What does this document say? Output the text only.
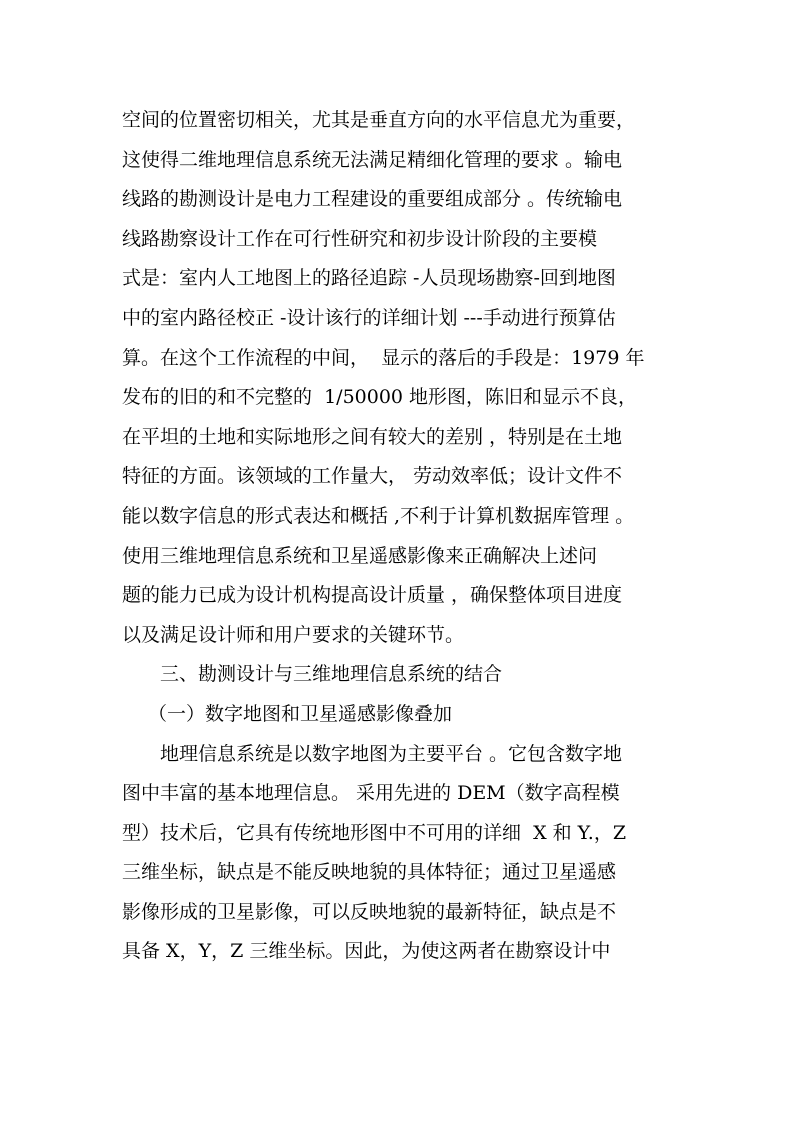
空间的位置密切相关，尤其是垂直方向的水平信息尤为重要，
这使得二维地理信息系统无法满足精细化管理的要求 。输电
线路的勘测设计是电力工程建设的重要组成部分 。传统输电
线路勘察设计工作在可行性研究和初步设计阶段的主要模
式是：室内人工地图上的路径追踪 -人员现场勘察-回到地图
中的室内路径校正 -设计该行的详细计划 ---手动进行预算估
算。在这个工作流程的中间，  显示的落后的手段是：1979 年
发布的旧的和不完整的  1/50000 地形图，陈旧和显示不良，
在平坦的土地和实际地形之间有较大的差别 ，特别是在土地
特征的方面。该领域的工作量大， 劳动效率低；设计文件不
能以数字信息的形式表达和概括 ,不利于计算机数据库管理 。
使用三维地理信息系统和卫星遥感影像来正确解决上述问
题的能力已成为设计机构提高设计质量 ，确保整体项目进度
以及满足设计师和用户要求的关键环节。
三、勘测设计与三维地理信息系统的结合
（一）数字地图和卫星遥感影像叠加
地理信息系统是以数字地图为主要平台 。它包含数字地
图中丰富的基本地理信息。 采用先进的 DEM（数字高程模
型）技术后，它具有传统地形图中不可用的详细  X 和 Y.，Z
三维坐标，缺点是不能反映地貌的具体特征；通过卫星遥感
影像形成的卫星影像，可以反映地貌的最新特征，缺点是不
具备 X，Y，Z 三维坐标。因此，为使这两者在勘察设计中
